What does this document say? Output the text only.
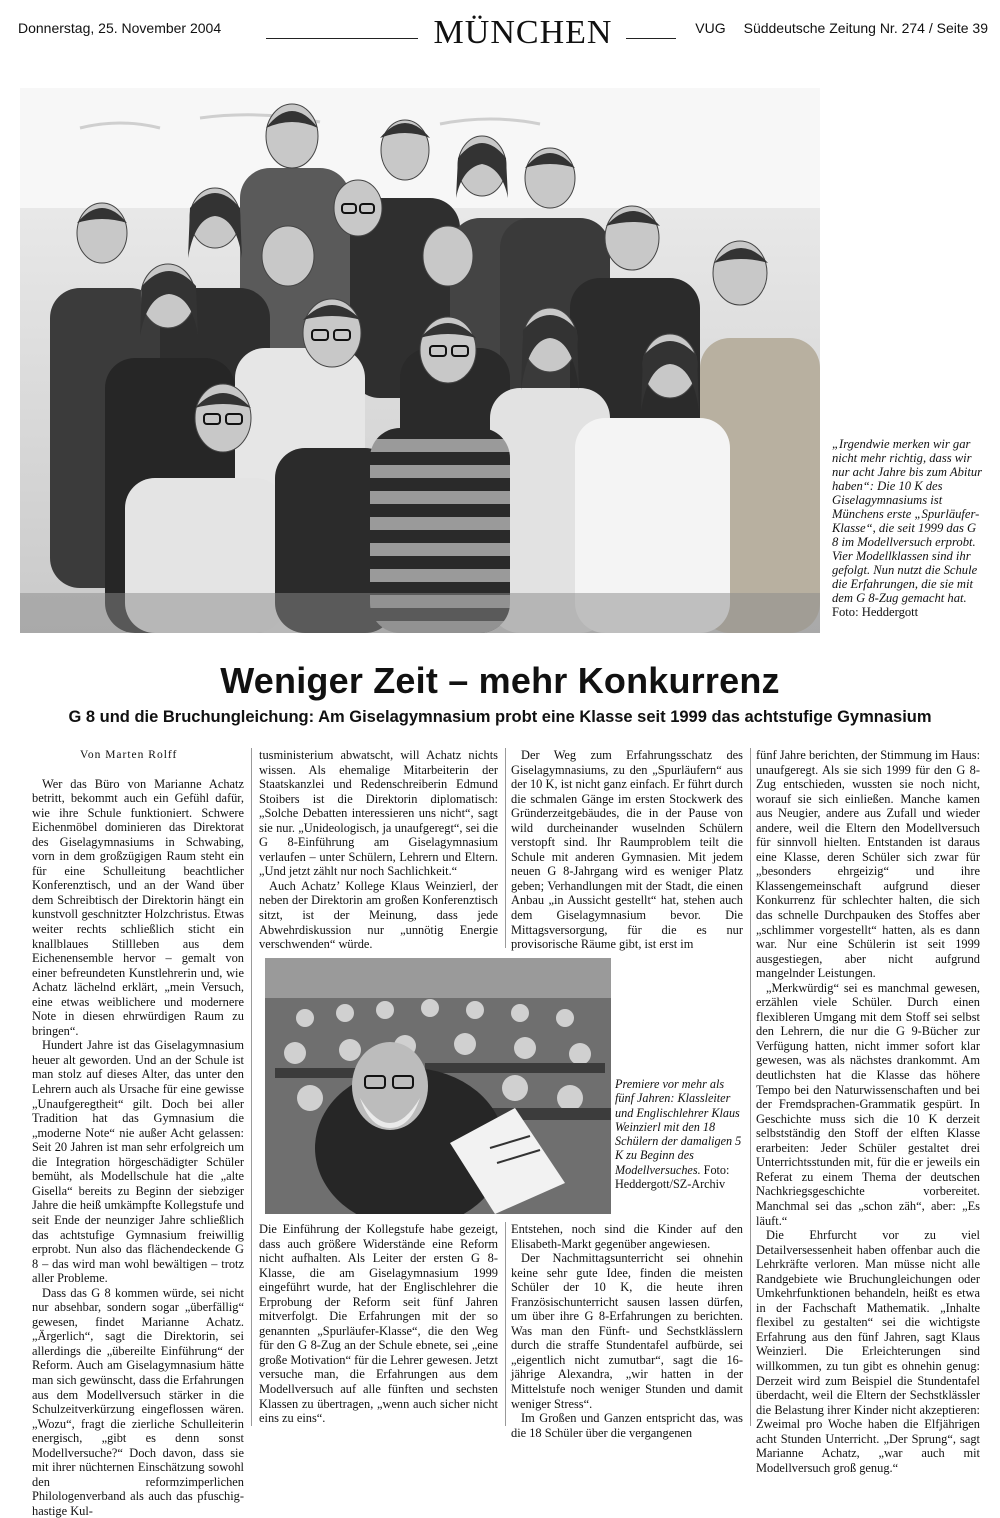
Donnerstag, 25. November 2004	MÜNCHEN	VUG Süddeutsche Zeitung Nr. 274 / Seite 39
„Irgendwie merken wir gar nicht mehr richtig, dass wir nur acht Jahre bis zum Abitur haben“: Die 10 K des Giselagymnasiums ist Münchens erste „Spurläufer-Klasse“, die seit 1999 das G 8 im Modellversuch erprobt. Vier Modellklassen sind ihr gefolgt. Nun nutzt die Schule die Erfahrungen, die sie mit dem G 8-Zug gemacht hat. Foto: Heddergott
Weniger Zeit – mehr Konkurrenz
G 8 und die Bruchungleichung: Am Giselagymnasium probt eine Klasse seit 1999 das achtstufige Gymnasium

Von Marten Rolff

Wer das Büro von Marianne Achatz betritt, bekommt auch ein Gefühl dafür, wie ihre Schule funktioniert. Schwere Eichenmöbel dominieren das Direktorat des Giselagymnasiums in Schwabing, vorn in dem großzügigen Raum steht ein für eine Schulleitung beachtlicher Konferenztisch, und an der Wand über dem Schreibtisch der Direktorin hängt ein kunstvoll geschnitzter Holzchristus. Etwas weiter rechts schließlich sticht ein knallblaues Stillleben aus dem Eichenensemble hervor – gemalt von einer befreundeten Kunstlehrerin und, wie Achatz lächelnd erklärt, „mein Versuch, eine etwas weiblichere und modernere Note in diesen ehrwürdigen Raum zu bringen“.

Hundert Jahre ist das Giselagymnasium heuer alt geworden. Und an der Schule ist man stolz auf dieses Alter, das unter den Lehrern auch als Ursache für eine gewisse „Unaufgeregtheit“ gilt. Doch bei aller Tradition hat das Gymnasium die „moderne Note“ nie außer Acht gelassen: Seit 20 Jahren ist man sehr erfolgreich um die Integration hörgeschädigter Schüler bemüht, als Modellschule hat die „alte Gisella“ bereits zu Beginn der siebziger Jahre die heiß umkämpfte Kollegstufe und seit Ende der neunziger Jahre schließlich das achtstufige Gymnasium freiwillig erprobt. Nun also das flächendeckende G 8 – das wird man wohl bewältigen – trotz aller Probleme.

Dass das G 8 kommen würde, sei nicht nur absehbar, sondern sogar „überfällig“ gewesen, findet Marianne Achatz. „Ärgerlich“, sagt die Direktorin, sei allerdings die „übereilte Einführung“ der Reform. Auch am Giselagymnasium hätte man sich gewünscht, dass die Erfahrungen aus dem Modellversuch stärker in die Schulzeitverkürzung eingeflossen wären. „Wozu“, fragt die zierliche Schulleiterin energisch, „gibt es denn sonst Modellversuche?“ Doch davon, dass sie mit ihrer nüchternen Einschätzung sowohl den reformzimperlichen Philologenverband als auch das pfuschig-hastige Kul-

tusministerium abwatscht, will Achatz nichts wissen. Als ehemalige Mitarbeiterin der Staatskanzlei und Redenschreiberin Edmund Stoibers ist die Direktorin diplomatisch: „Solche Debatten interessieren uns nicht“, sagt sie nur. „Unideologisch, ja unaufgeregt“, sei die G 8-Einführung am Giselagymnasium verlaufen – unter Schülern, Lehrern und Eltern. „Und jetzt zählt nur noch Sachlichkeit.“

Auch Achatz’ Kollege Klaus Weinzierl, der neben der Direktorin am großen Konferenztisch sitzt, ist der Meinung, dass jede Abwehrdiskussion nur „unnötig Energie verschwenden“ würde.

Der Weg zum Erfahrungsschatz des Giselagymnasiums, zu den „Spurläufern“ aus der 10 K, ist nicht ganz einfach. Er führt durch die schmalen Gänge im ersten Stockwerk des Gründerzeitgebäudes, die in der Pause von wild durcheinander wuselnden Schülern verstopft sind. Ihr Raumproblem teilt die Schule mit anderen Gymnasien. Mit jedem neuen G 8-Jahrgang wird es weniger Platz geben; Verhandlungen mit der Stadt, die einen Anbau „in Aussicht gestellt“ hat, stehen auch dem Giselagymnasium bevor. Die Mittagsversorgung, für die es nur provisorische Räume gibt, ist erst im

Premiere vor mehr als fünf Jahren: Klassleiter und Englischlehrer Klaus Weinzierl mit den 18 Schülern der damaligen 5 K zu Beginn des Modellversuches. Foto: Heddergott/SZ-Archiv

Die Einführung der Kollegstufe habe gezeigt, dass auch größere Widerstände eine Reform nicht aufhalten. Als Leiter der ersten G 8-Klasse, die am Giselagymnasium 1999 eingeführt wurde, hat der Englischlehrer die Erprobung der Reform seit fünf Jahren mitverfolgt. Die Erfahrungen mit der so genannten „Spurläufer-Klasse“, die den Weg für den G 8-Zug an der Schule ebnete, sei „eine große Motivation“ für die Lehrer gewesen. Jetzt versuche man, die Erfahrungen aus dem Modellversuch auf alle fünften und sechsten Klassen zu übertragen, „wenn auch sicher nicht eins zu eins“.

Entstehen, noch sind die Kinder auf den Elisabeth-Markt gegenüber angewiesen.

Der Nachmittagsunterricht sei ohnehin keine sehr gute Idee, finden die meisten Schüler der 10 K, die heute ihren Französischunterricht sausen lassen dürfen, um über ihre G 8-Erfahrungen zu berichten. Was man den Fünft- und Sechstklässlern durch die straffe Stundentafel aufbürde, sei „eigentlich nicht zumutbar“, sagt die 16-jährige Alexandra, „wir hatten in der Mittelstufe noch weniger Stunden und damit weniger Stress“.

Im Großen und Ganzen entspricht das, was die 18 Schüler über die vergangenen

fünf Jahre berichten, der Stimmung im Haus: unaufgeregt. Als sie sich 1999 für den G 8-Zug entschieden, wussten sie noch nicht, worauf sie sich einließen. Manche kamen aus Neugier, andere aus Zufall und wieder andere, weil die Eltern den Modellversuch für sinnvoll hielten. Entstanden ist daraus eine Klasse, deren Schüler sich zwar für „besonders ehrgeizig“ und ihre Klassengemeinschaft aufgrund dieser Konkurrenz für schlechter halten, die sich das schnelle Durchpauken des Stoffes aber „schlimmer vorgestellt“ hatten, als es dann war. Nur eine Schülerin ist seit 1999 ausgestiegen, aber nicht aufgrund mangelnder Leistungen.

„Merkwürdig“ sei es manchmal gewesen, erzählen viele Schüler. Durch einen flexibleren Umgang mit dem Stoff sei selbst den Lehrern, die nur die G 9-Bücher zur Verfügung hatten, nicht immer sofort klar gewesen, was als nächstes drankommt. Am deutlichsten hat die Klasse das höhere Tempo bei den Naturwissenschaften und bei der Fremdsprachen-Grammatik gespürt. In Geschichte muss sich die 10 K derzeit selbstständig den Stoff der elften Klasse erarbeiten: Jeder Schüler gestaltet drei Unterrichtsstunden mit, für die er jeweils ein Referat zu einem Thema der deutschen Nachkriegsgeschichte vorbereitet. Manchmal sei das „schon zäh“, aber: „Es läuft.“

Die Ehrfurcht vor zu viel Detailversessenheit haben offenbar auch die Lehrkräfte verloren. Man müsse nicht alle Randgebiete wie Bruchungleichungen oder Umkehrfunktionen behandeln, heißt es etwa in der Fachschaft Mathematik. „Inhalte flexibel zu gestalten“ sei die wichtigste Erfahrung aus den fünf Jahren, sagt Klaus Weinzierl. Die Erleichterungen sind willkommen, zu tun gibt es ohnehin genug: Derzeit wird zum Beispiel die Stundentafel überdacht, weil die Eltern der Sechstklässler die Belastung ihrer Kinder nicht akzeptieren: Zweimal pro Woche haben die Elfjährigen acht Stunden Unterricht. „Der Sprung“, sagt Marianne Achatz, „war auch mit Modellversuch groß genug.“
